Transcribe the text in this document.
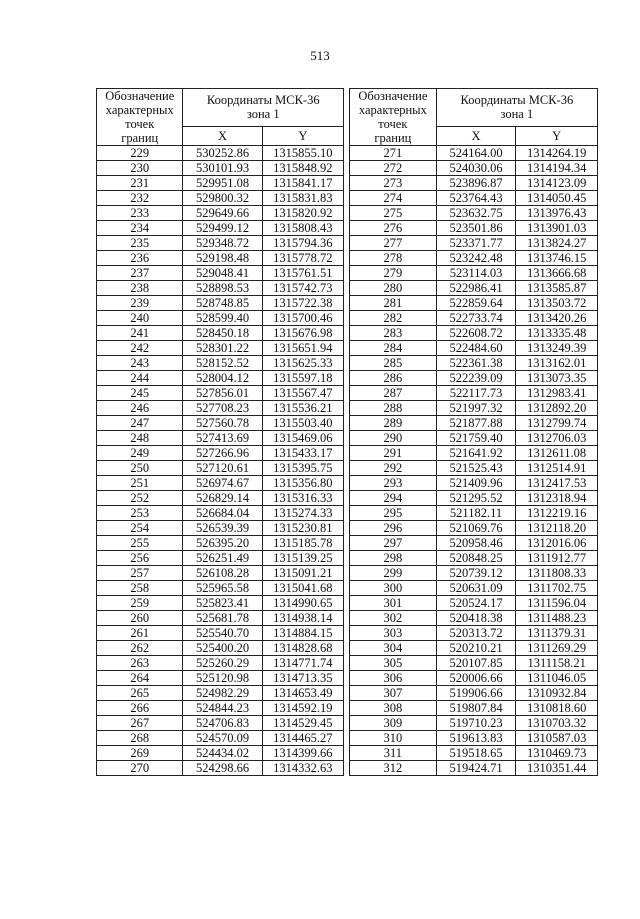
513
Обозначение
характерных
точек
границ	Координаты МСК-36
зона 1	

	X	Y
229	530252.86	1315855.10
230	530101.93	1315848.92
231	529951.08	1315841.17
232	529800.32	1315831.83
233	529649.66	1315820.92
234	529499.12	1315808.43
235	529348.72	1315794.36
236	529198.48	1315778.72
237	529048.41	1315761.51
238	528898.53	1315742.73
239	528748.85	1315722.38
240	528599.40	1315700.46
241	528450.18	1315676.98
242	528301.22	1315651.94
243	528152.52	1315625.33
244	528004.12	1315597.18
245	527856.01	1315567.47
246	527708.23	1315536.21
247	527560.78	1315503.40
248	527413.69	1315469.06
249	527266.96	1315433.17
250	527120.61	1315395.75
251	526974.67	1315356.80
252	526829.14	1315316.33
253	526684.04	1315274.33
254	526539.39	1315230.81
255	526395.20	1315185.78
256	526251.49	1315139.25
257	526108.28	1315091.21
258	525965.58	1315041.68
259	525823.41	1314990.65
260	525681.78	1314938.14
261	525540.70	1314884.15
262	525400.20	1314828.68
263	525260.29	1314771.74
264	525120.98	1314713.35
265	524982.29	1314653.49
266	524844.23	1314592.19
267	524706.83	1314529.45
268	524570.09	1314465.27
269	524434.02	1314399.66
270	524298.66	1314332.63
Обозначение
характерных
точек
границ	Координаты МСК-36
зона 1	

	X	Y
271	524164.00	1314264.19
272	524030.06	1314194.34
273	523896.87	1314123.09
274	523764.43	1314050.45
275	523632.75	1313976.43
276	523501.86	1313901.03
277	523371.77	1313824.27
278	523242.48	1313746.15
279	523114.03	1313666.68
280	522986.41	1313585.87
281	522859.64	1313503.72
282	522733.74	1313420.26
283	522608.72	1313335.48
284	522484.60	1313249.39
285	522361.38	1313162.01
286	522239.09	1313073.35
287	522117.73	1312983.41
288	521997.32	1312892.20
289	521877.88	1312799.74
290	521759.40	1312706.03
291	521641.92	1312611.08
292	521525.43	1312514.91
293	521409.96	1312417.53
294	521295.52	1312318.94
295	521182.11	1312219.16
296	521069.76	1312118.20
297	520958.46	1312016.06
298	520848.25	1311912.77
299	520739.12	1311808.33
300	520631.09	1311702.75
301	520524.17	1311596.04
302	520418.38	1311488.23
303	520313.72	1311379.31
304	520210.21	1311269.29
305	520107.85	1311158.21
306	520006.66	1311046.05
307	519906.66	1310932.84
308	519807.84	1310818.60
309	519710.23	1310703.32
310	519613.83	1310587.03
311	519518.65	1310469.73
312	519424.71	1310351.44
